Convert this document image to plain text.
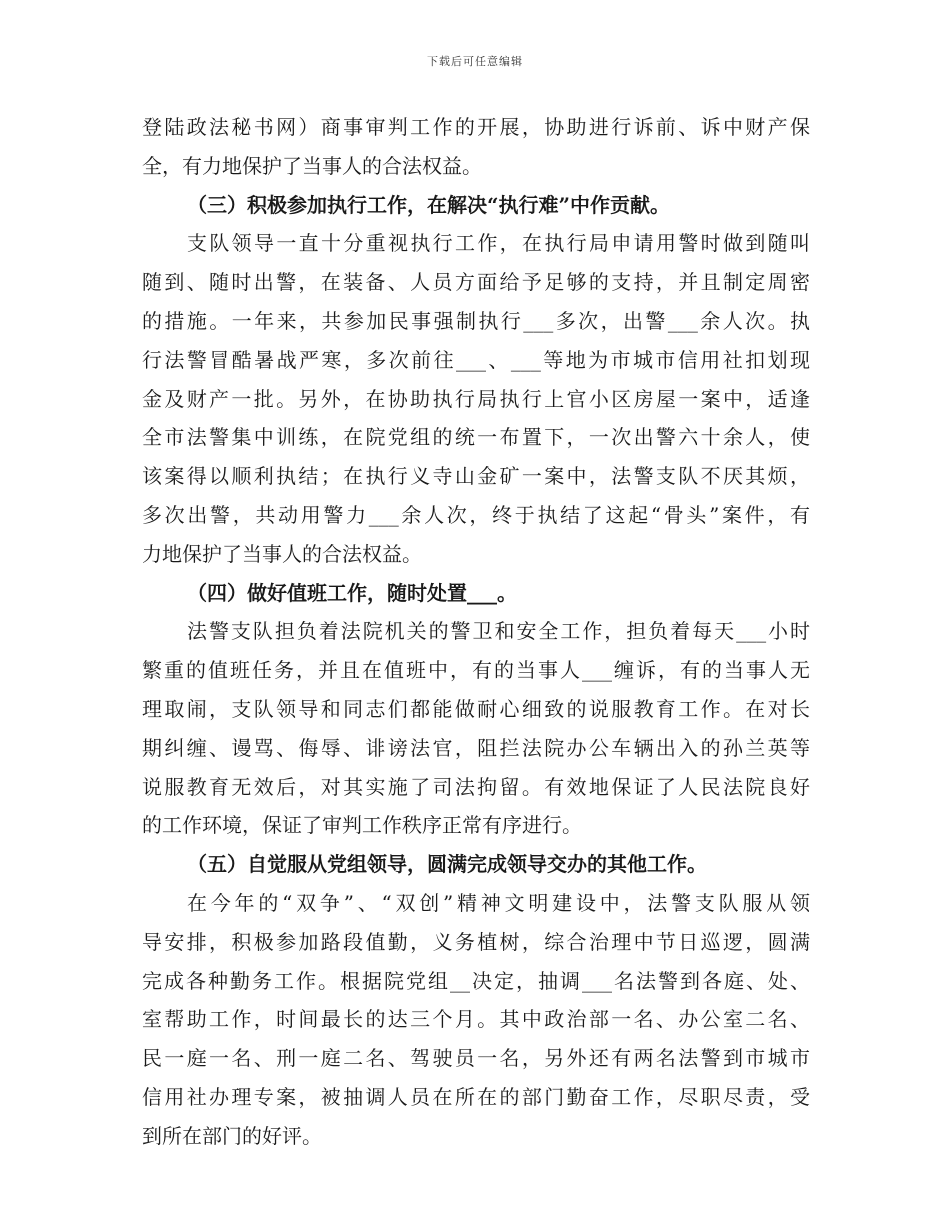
下载后可任意编辑
登陆政法秘书网）商事审判工作的开展，协助进行诉前、诉中财产保
全，有力地保护了当事人的合法权益。
（三）积极参加执行工作，在解决“执行难”中作贡献。
支队领导一直十分重视执行工作，在执行局申请用警时做到随叫
随到、随时出警，在装备、人员方面给予足够的支持，并且制定周密
的措施。一年来，共参加民事强制执行___多次，出警___余人次。执
行法警冒酷暑战严寒，多次前往___、___等地为市城市信用社扣划现
金及财产一批。另外，在协助执行局执行上官小区房屋一案中，适逢
全市法警集中训练，在院党组的统一布置下，一次出警六十余人，使
该案得以顺利执结；在执行义寺山金矿一案中，法警支队不厌其烦，
多次出警，共动用警力___余人次，终于执结了这起“骨头”案件，有
力地保护了当事人的合法权益。
（四）做好值班工作，随时处置___。
法警支队担负着法院机关的警卫和安全工作，担负着每天___小时
繁重的值班任务，并且在值班中，有的当事人___缠诉，有的当事人无
理取闹，支队领导和同志们都能做耐心细致的说服教育工作。在对长
期纠缠、谩骂、侮辱、诽谤法官，阻拦法院办公车辆出入的孙兰英等
说服教育无效后，对其实施了司法拘留。有效地保证了人民法院良好
的工作环境，保证了审判工作秩序正常有序进行。
（五）自觉服从党组领导，圆满完成领导交办的其他工作。
在今年的“双争”、“双创”精神文明建设中，法警支队服从领
导安排，积极参加路段值勤，义务植树，综合治理中节日巡逻，圆满
完成各种勤务工作。根据院党组__决定，抽调___名法警到各庭、处、
室帮助工作，时间最长的达三个月。其中政治部一名、办公室二名、
民一庭一名、刑一庭二名、驾驶员一名，另外还有两名法警到市城市
信用社办理专案，被抽调人员在所在的部门勤奋工作，尽职尽责，受
到所在部门的好评。
